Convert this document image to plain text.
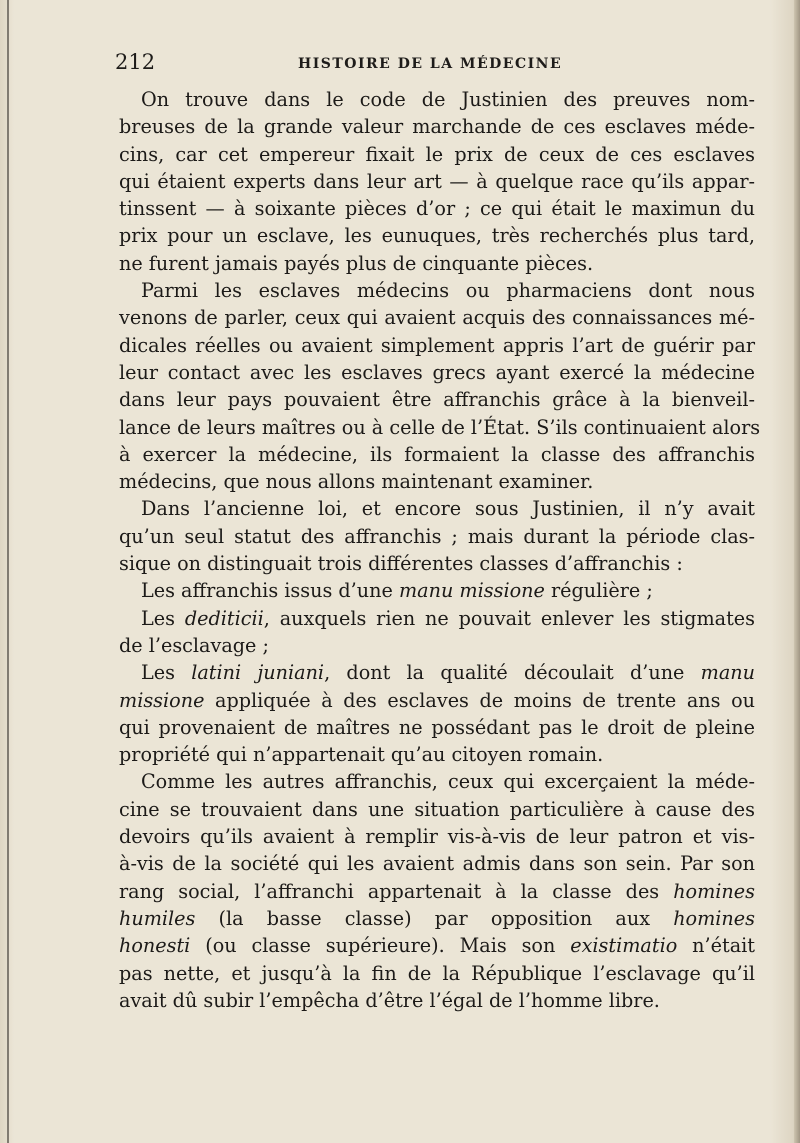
212	HISTOIRE DE LA MÉDECINE
On trouve dans le code de Justinien des preuves nom-
breuses de la grande valeur marchande de ces esclaves méde-
cins, car cet empereur fixait le prix de ceux de ces esclaves
qui étaient experts dans leur art — à quelque race qu’ils appar-
tinssent — à soixante pièces d’or ; ce qui était le maximun du
prix pour un esclave, les eunuques, très recherchés plus tard,
ne furent jamais payés plus de cinquante pièces.
Parmi les esclaves médecins ou pharmaciens dont nous
venons de parler, ceux qui avaient acquis des connaissances mé-
dicales réelles ou avaient simplement appris l’art de guérir par
leur contact avec les esclaves grecs ayant exercé la médecine
dans leur pays pouvaient être affranchis grâce à la bienveil-
lance de leurs maîtres ou à celle de l’État. S’ils continuaient alors
à exercer la médecine, ils formaient la classe des affranchis
médecins, que nous allons maintenant examiner.
Dans l’ancienne loi, et encore sous Justinien, il n’y avait
qu’un seul statut des affranchis ; mais durant la période clas-
sique on distinguait trois différentes classes d’affranchis :
Les affranchis issus d’une manu missione régulière ;
Les dediticii, auxquels rien ne pouvait enlever les stigmates
de l’esclavage ;
Les latini juniani, dont la qualité découlait d’une manu
missione appliquée à des esclaves de moins de trente ans ou
qui provenaient de maîtres ne possédant pas le droit de pleine
propriété qui n’appartenait qu’au citoyen romain.
Comme les autres affranchis, ceux qui excerçaient la méde-
cine se trouvaient dans une situation particulière à cause des
devoirs qu’ils avaient à remplir vis-à-vis de leur patron et vis-
à-vis de la société qui les avaient admis dans son sein. Par son
rang social, l’affranchi appartenait à la classe des homines
humiles (la basse classe) par opposition aux homines
honesti (ou classe supérieure). Mais son existimatio n’était
pas nette, et jusqu’à la fin de la République l’esclavage qu’il
avait dû subir l’empêcha d’être l’égal de l’homme libre.
